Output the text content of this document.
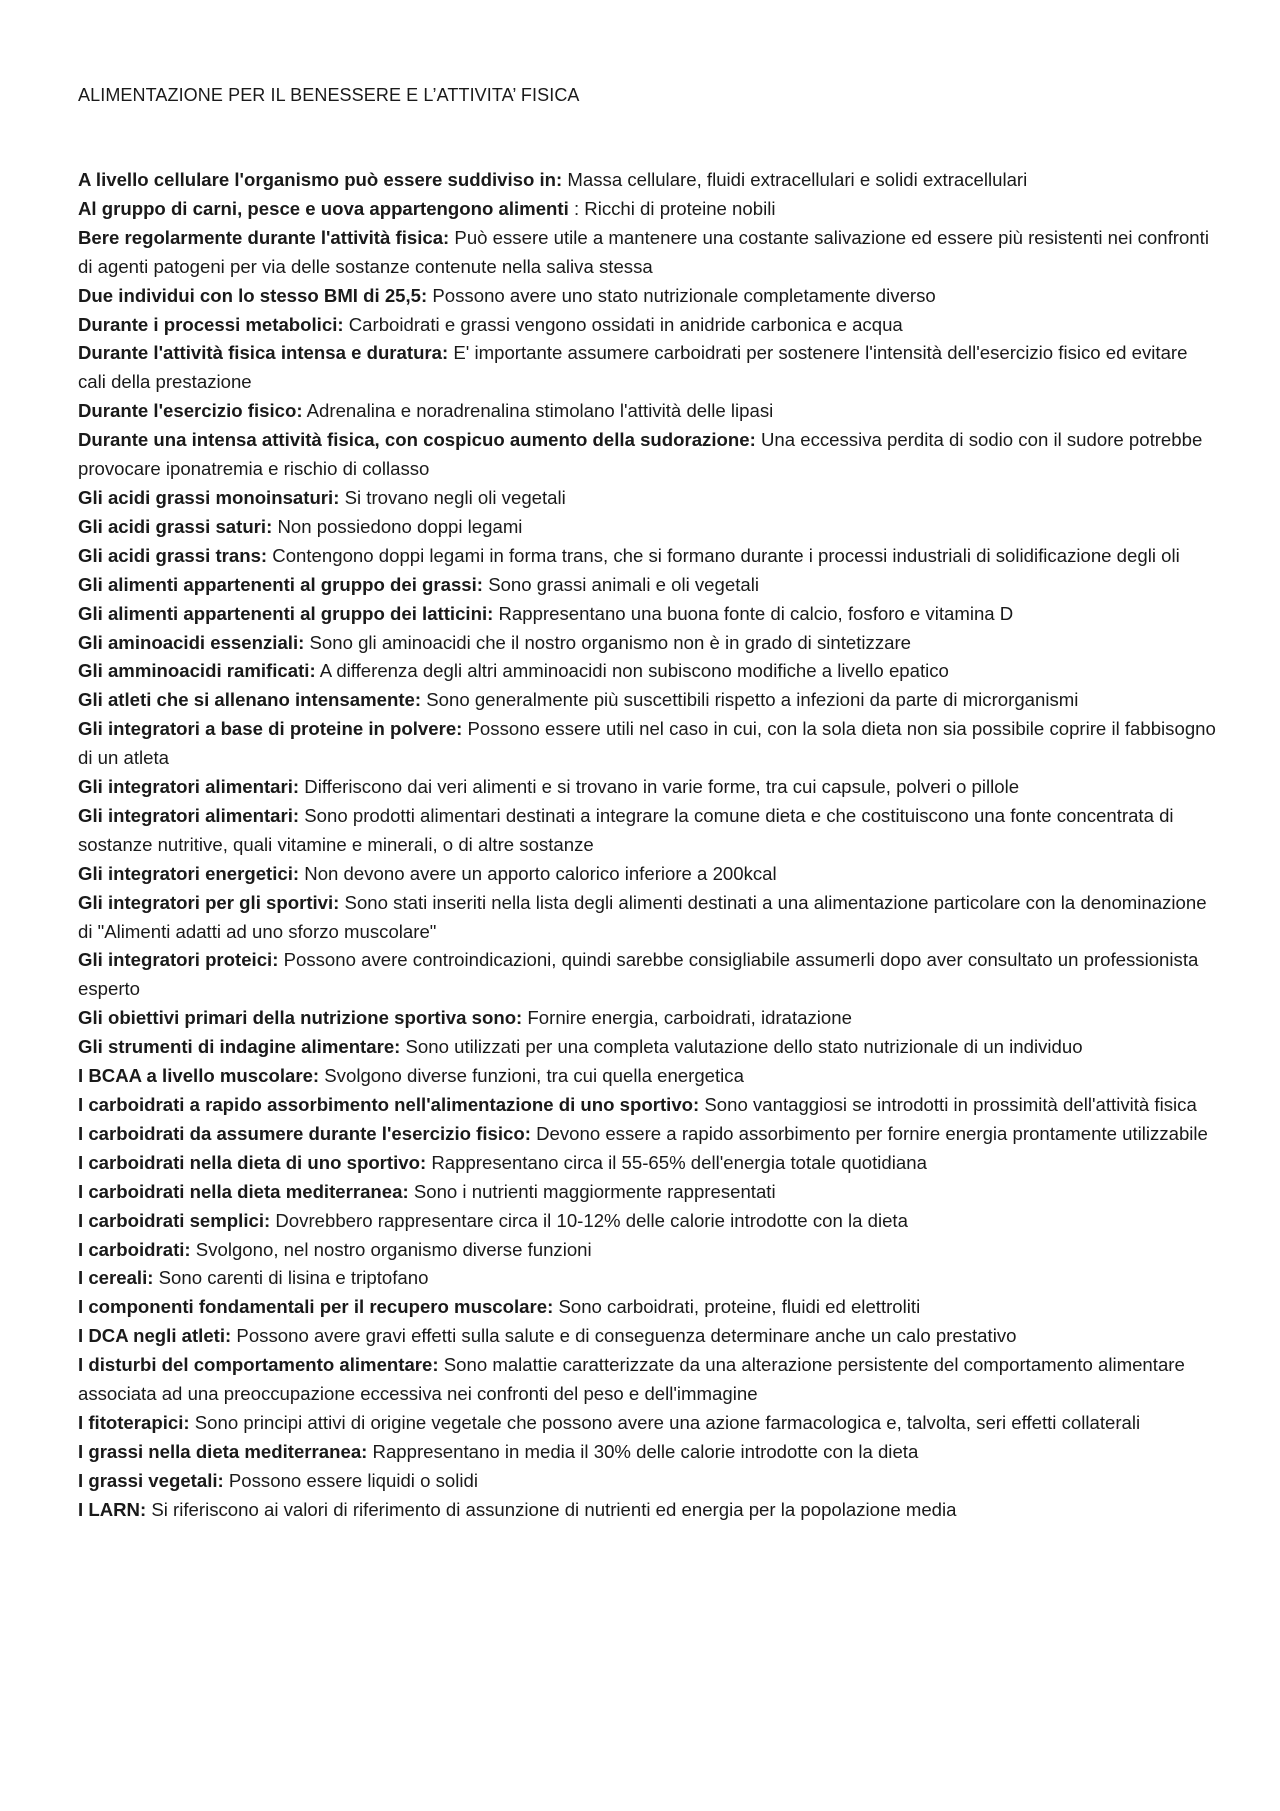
ALIMENTAZIONE PER IL BENESSERE E L’ATTIVITA’ FISICA

A livello cellulare l'organismo può essere suddiviso in: Massa cellulare, fluidi extracellulari e solidi extracellulari

Al gruppo di carni, pesce e uova appartengono alimenti : Ricchi di proteine nobili

Bere regolarmente durante l'attività fisica: Può essere utile a mantenere una costante salivazione ed essere più resistenti nei confronti di agenti patogeni per via delle sostanze contenute nella saliva stessa

Due individui con lo stesso BMI di 25,5: Possono avere uno stato nutrizionale completamente diverso

Durante i processi metabolici: Carboidrati e grassi vengono ossidati in anidride carbonica e acqua

Durante l'attività fisica intensa e duratura: E' importante assumere carboidrati per sostenere l'intensità dell'esercizio fisico ed evitare cali della prestazione

Durante l'esercizio fisico: Adrenalina e noradrenalina stimolano l'attività delle lipasi

Durante una intensa attività fisica, con cospicuo aumento della sudorazione: Una eccessiva perdita di sodio con il sudore potrebbe provocare iponatremia e rischio di collasso

Gli acidi grassi monoinsaturi: Si trovano negli oli vegetali

Gli acidi grassi saturi: Non possiedono doppi legami

Gli acidi grassi trans: Contengono doppi legami in forma trans, che si formano durante i processi industriali di solidificazione degli oli

Gli alimenti appartenenti al gruppo dei grassi: Sono grassi animali e oli vegetali

Gli alimenti appartenenti al gruppo dei latticini: Rappresentano una buona fonte di calcio, fosforo e vitamina D

Gli aminoacidi essenziali: Sono gli aminoacidi che il nostro organismo non è in grado di sintetizzare

Gli amminoacidi ramificati: A differenza degli altri amminoacidi non subiscono modifiche a livello epatico

Gli atleti che si allenano intensamente: Sono generalmente più suscettibili rispetto a infezioni da parte di microrganismi

Gli integratori a base di proteine in polvere: Possono essere utili nel caso in cui, con la sola dieta non sia possibile coprire il fabbisogno di un atleta

Gli integratori alimentari: Differiscono dai veri alimenti e si trovano in varie forme, tra cui capsule, polveri o pillole

Gli integratori alimentari: Sono prodotti alimentari destinati a integrare la comune dieta e che costituiscono una fonte concentrata di sostanze nutritive, quali vitamine e minerali, o di altre sostanze

Gli integratori energetici: Non devono avere un apporto calorico inferiore a 200kcal

Gli integratori per gli sportivi: Sono stati inseriti nella lista degli alimenti destinati a una alimentazione particolare con la denominazione di "Alimenti adatti ad uno sforzo muscolare"

Gli integratori proteici: Possono avere controindicazioni, quindi sarebbe consigliabile assumerli dopo aver consultato un professionista esperto

Gli obiettivi primari della nutrizione sportiva sono: Fornire energia, carboidrati, idratazione

Gli strumenti di indagine alimentare: Sono utilizzati per una completa valutazione dello stato nutrizionale di un individuo

I BCAA a livello muscolare: Svolgono diverse funzioni, tra cui quella energetica

I carboidrati a rapido assorbimento nell'alimentazione di uno sportivo: Sono vantaggiosi se introdotti in prossimità dell'attività fisica

I carboidrati da assumere durante l'esercizio fisico: Devono essere a rapido assorbimento per fornire energia prontamente utilizzabile

I carboidrati nella dieta di uno sportivo: Rappresentano circa il 55-65% dell'energia totale quotidiana

I carboidrati nella dieta mediterranea: Sono i nutrienti maggiormente rappresentati

I carboidrati semplici: Dovrebbero rappresentare circa il 10-12% delle calorie introdotte con la dieta

I carboidrati: Svolgono, nel nostro organismo diverse funzioni

I cereali: Sono carenti di lisina e triptofano

I componenti fondamentali per il recupero muscolare: Sono carboidrati, proteine, fluidi ed elettroliti

I DCA negli atleti: Possono avere gravi effetti sulla salute e di conseguenza determinare anche un calo prestativo

I disturbi del comportamento alimentare: Sono malattie caratterizzate da una alterazione persistente del comportamento alimentare associata ad una preoccupazione eccessiva nei confronti del peso e dell'immagine

I fitoterapici: Sono principi attivi di origine vegetale che possono avere una azione farmacologica e, talvolta, seri effetti collaterali

I grassi nella dieta mediterranea: Rappresentano in media il 30% delle calorie introdotte con la dieta

I grassi vegetali: Possono essere liquidi o solidi

I LARN: Si riferiscono ai valori di riferimento di assunzione di nutrienti ed energia per la popolazione media
